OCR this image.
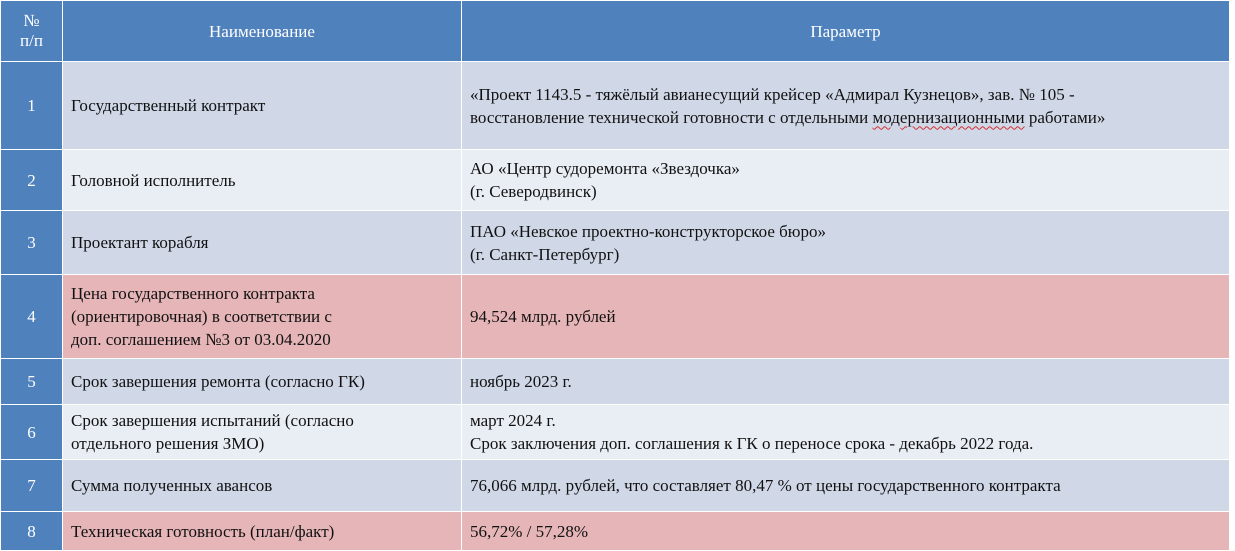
№
п/п	Наименование	Параметр
1	Государственный контракт	«Проект 1143.5 - тяжёлый авианесущий крейсер «Адмирал Кузнецов», зав. № 105 -
восстановление технической готовности с отдельными модернизационными работами»

2	Головной исполнитель	АО «Центр судоремонта «Звездочка»
(г. Северодвинск)

3	Проектант корабля	ПАО «Невское проектно-конструкторское бюро»
(г. Санкт-Петербург)

4	Цена государственного контракта
(ориентировочная) в соответствии с
доп. соглашением №3 от 03.04.2020	94,524 млрд. рублей

5	Срок завершения ремонта (согласно ГК)	ноябрь 2023 г.

6	Срок завершения испытаний (согласно
отдельного решения ЗМО)	март 2024 г.
Срок заключения доп. соглашения к ГК о переносе срока - декабрь 2022 года.

7	Сумма полученных авансов	76,066 млрд. рублей, что составляет 80,47 % от цены государственного контракта

8	Техническая готовность (план/факт)	56,72% / 57,28%
